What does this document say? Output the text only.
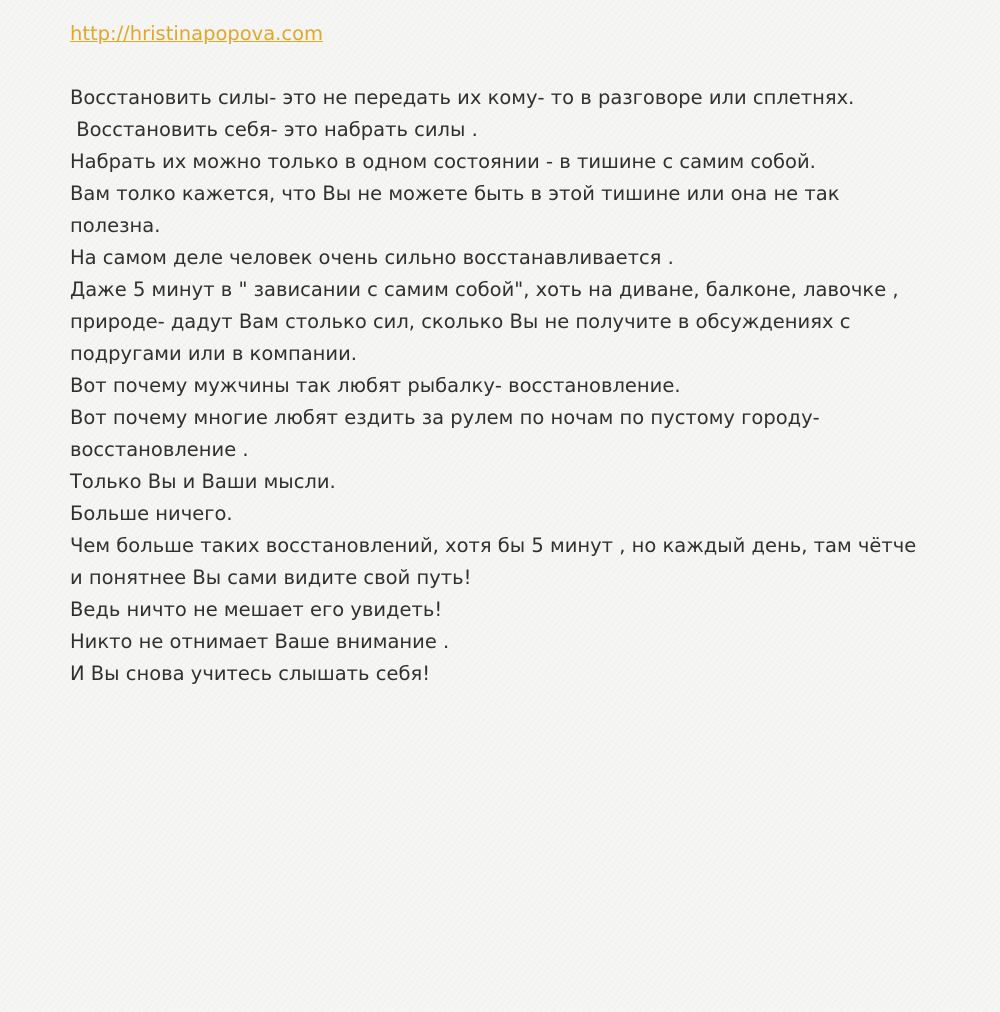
http://hristinapopova.com
Восстановить силы- это не передать их кому- то в разговоре или сплетнях.
Восстановить себя- это набрать силы .
Набрать их можно только в одном состоянии - в тишине с самим собой.
Вам толко кажется, что Вы не можете быть в этой тишине или она не так
полезна.
На самом деле человек очень сильно восстанавливается .
Даже 5 минут в " зависании с самим собой", хоть на диване, балконе, лавочке ,
природе- дадут Вам столько сил, сколько Вы не получите в обсуждениях с
подругами или в компании.
Вот почему мужчины так любят рыбалку- восстановление.
Вот почему многие любят ездить за рулем по ночам по пустому городу-
восстановление .
Только Вы и Ваши мысли.
Больше ничего.
Чем больше таких восстановлений, хотя бы 5 минут , но каждый день, там чётче
и понятнее Вы сами видите свой путь!
Ведь ничто не мешает его увидеть!
Никто не отнимает Ваше внимание .
И Вы снова учитесь слышать себя!
